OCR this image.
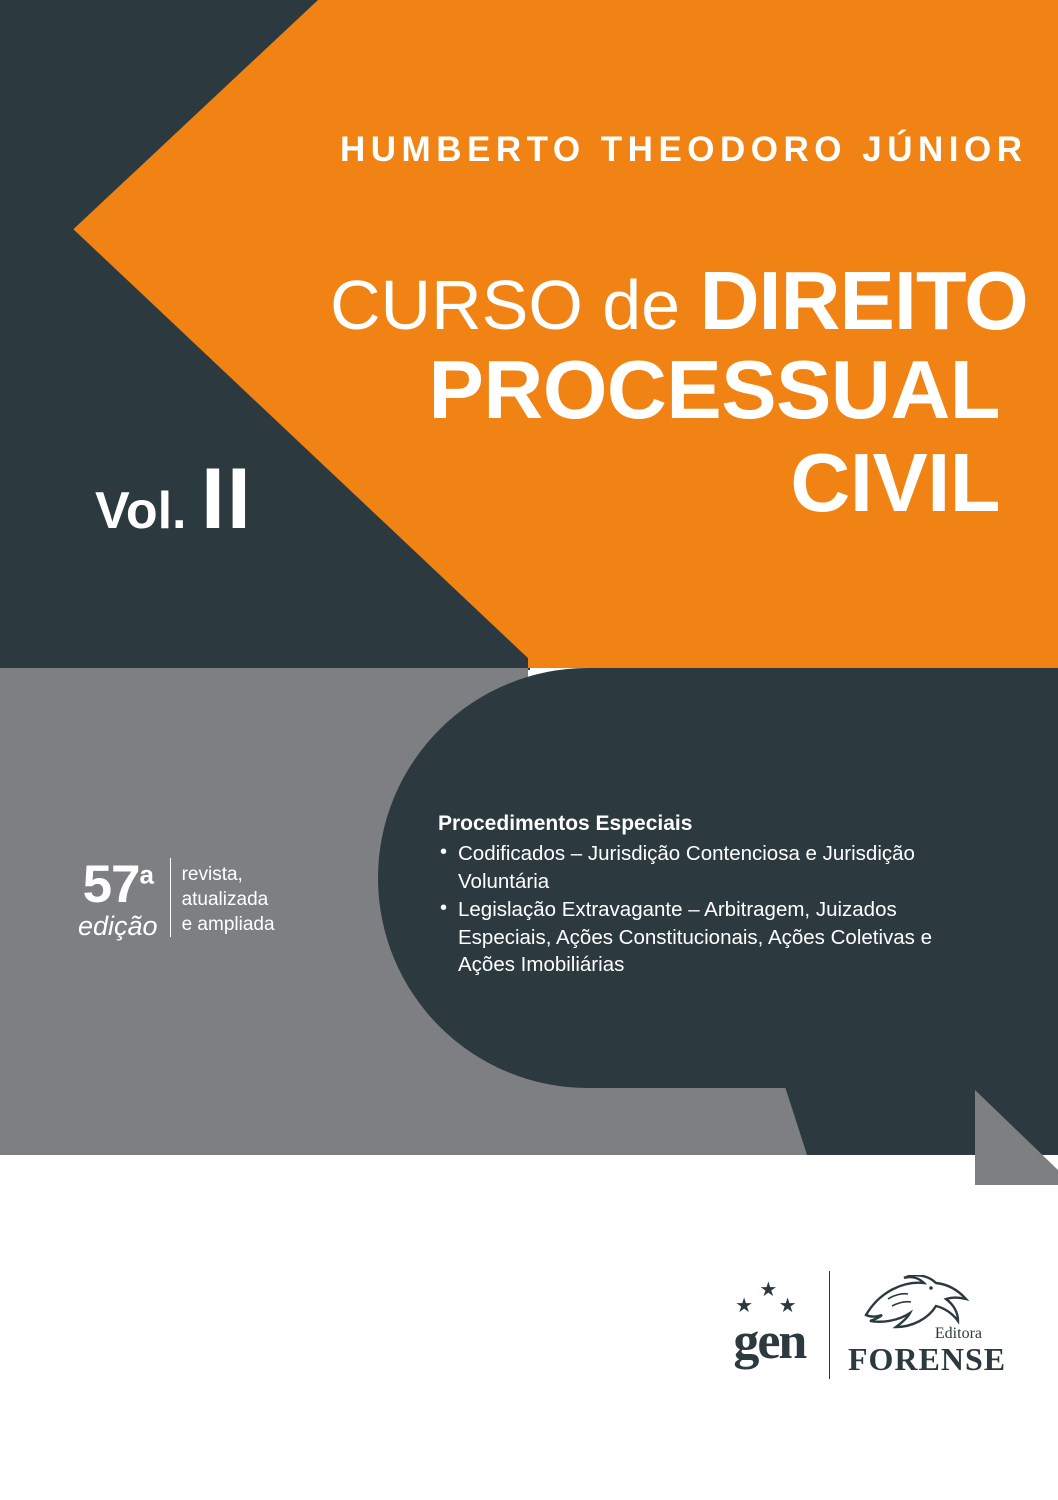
HUMBERTO THEODORO JÚNIOR
CURSO de DIREITO
PROCESSUAL
CIVIL
Vol. II
Procedimentos Especiais
• Codificados – Jurisdição Contenciosa e Jurisdição Voluntária
• Legislação Extravagante – Arbitragem, Juizados Especiais, Ações Constitucionais, Ações Coletivas e Ações Imobiliárias
57$^a$
edição
revista,
atualizada
e ampliada
★
★ ★
gen	Editora
FORENSE
